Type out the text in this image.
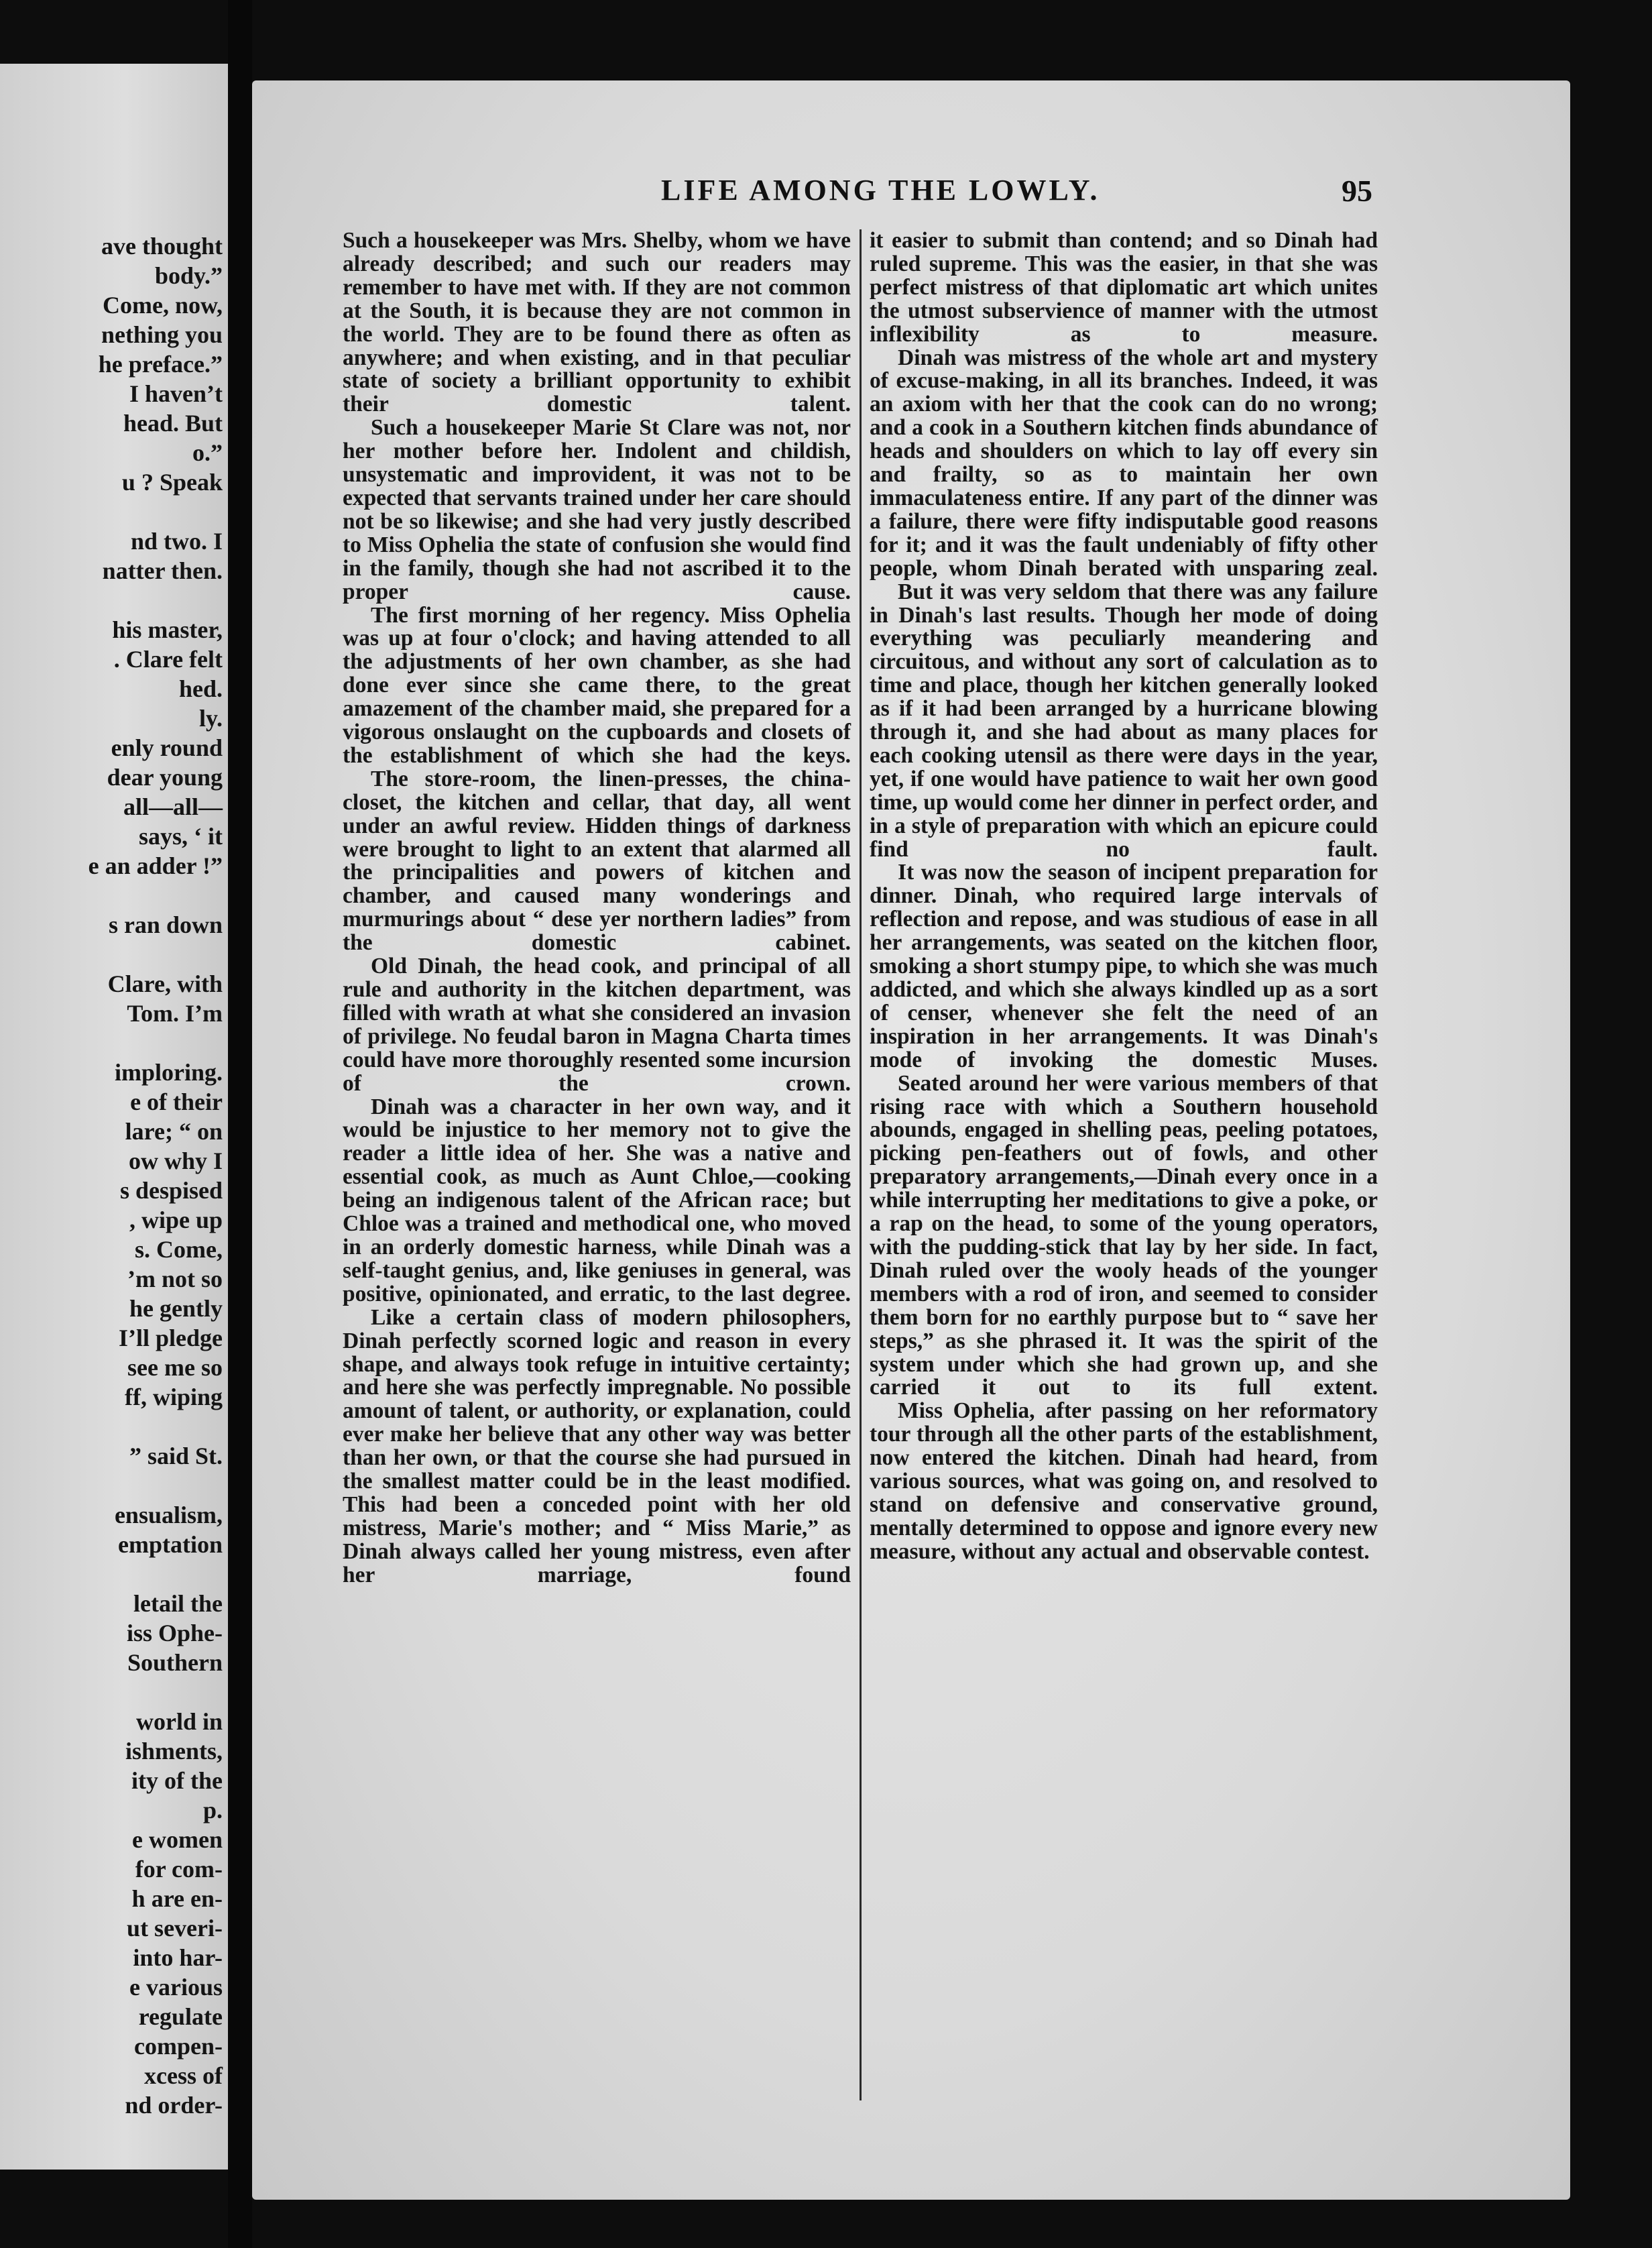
ave thought
body.”
Come, now,
nething you
he preface.”
I haven’t
head. But
o.”
u ? Speak
nd two. I
natter then.
his master,
. Clare felt
hed.
ly.
enly round
dear young
all—all—
says, ‘ it
e an adder !”
s ran down
Clare, with
Tom. I’m
imploring.
e of their
lare; “ on
ow why I
s despised
, wipe up
s. Come,
’m not so
he gently
I’ll pledge
see me so
ff, wiping
” said St.
ensualism,
emptation
letail the
iss Ophe-
Southern
world in
ishments,
ity of the
p.
e women
for com-
h are en-
ut severi-
into har-
e various
regulate
compen-
xcess of
nd order-
LIFE AMONG THE LOWLY.	95

Such a housekeeper was Mrs. Shelby, whom we have already described; and such our readers may remember to have met with. If they are not common at the South, it is because they are not common in the world. They are to be found there as often as anywhere; and when existing, and in that peculiar state of society a brilliant opportunity to exhibit their domestic talent.

Such a housekeeper Marie St Clare was not, nor her mother before her. Indolent and childish, unsystematic and improvident, it was not to be expected that servants trained under her care should not be so likewise; and she had very justly described to Miss Ophelia the state of confusion she would find in the family, though she had not ascribed it to the proper cause.

The first morning of her regency. Miss Ophelia was up at four o'clock; and having attended to all the adjustments of her own chamber, as she had done ever since she came there, to the great amazement of the chamber maid, she prepared for a vigorous onslaught on the cupboards and closets of the establishment of which she had the keys.

The store-room, the linen-presses, the china-closet, the kitchen and cellar, that day, all went under an awful review. Hidden things of darkness were brought to light to an extent that alarmed all the principalities and powers of kitchen and chamber, and caused many wonderings and murmurings about “ dese yer northern ladies” from the domestic cabinet.

Old Dinah, the head cook, and principal of all rule and authority in the kitchen department, was filled with wrath at what she considered an invasion of privilege. No feudal baron in Magna Charta times could have more thoroughly resented some incursion of the crown.

Dinah was a character in her own way, and it would be injustice to her memory not to give the reader a little idea of her. She was a native and essential cook, as much as Aunt Chloe,—cooking being an indigenous talent of the African race; but Chloe was a trained and methodical one, who moved in an orderly domestic harness, while Dinah was a self-taught genius, and, like geniuses in general, was positive, opinionated, and erratic, to the last degree.

Like a certain class of modern philosophers, Dinah perfectly scorned logic and reason in every shape, and always took refuge in intuitive certainty; and here she was perfectly impregnable. No possible amount of talent, or authority, or explanation, could ever make her believe that any other way was better than her own, or that the course she had pursued in the smallest matter could be in the least modified. This had been a conceded point with her old mistress, Marie's mother; and “ Miss Marie,” as Dinah always called her young mistress, even after her marriage, found

it easier to submit than contend; and so Dinah had ruled supreme. This was the easier, in that she was perfect mistress of that diplomatic art which unites the utmost subservience of manner with the utmost inflexibility as to measure.

Dinah was mistress of the whole art and mystery of excuse-making, in all its branches. Indeed, it was an axiom with her that the cook can do no wrong; and a cook in a Southern kitchen finds abundance of heads and shoulders on which to lay off every sin and frailty, so as to maintain her own immaculateness entire. If any part of the dinner was a failure, there were fifty indisputable good reasons for it; and it was the fault undeniably of fifty other people, whom Dinah berated with unsparing zeal.

But it was very seldom that there was any failure in Dinah's last results. Though her mode of doing everything was peculiarly meandering and circuitous, and without any sort of calculation as to time and place, though her kitchen generally looked as if it had been arranged by a hurricane blowing through it, and she had about as many places for each cooking utensil as there were days in the year, yet, if one would have patience to wait her own good time, up would come her dinner in perfect order, and in a style of preparation with which an epicure could find no fault.

It was now the season of incipent preparation for dinner. Dinah, who required large intervals of reflection and repose, and was studious of ease in all her arrangements, was seated on the kitchen floor, smoking a short stumpy pipe, to which she was much addicted, and which she always kindled up as a sort of censer, whenever she felt the need of an inspiration in her arrangements. It was Dinah's mode of invoking the domestic Muses.

Seated around her were various members of that rising race with which a Southern household abounds, engaged in shelling peas, peeling potatoes, picking pen-feathers out of fowls, and other preparatory arrangements,—Dinah every once in a while interrupting her meditations to give a poke, or a rap on the head, to some of the young operators, with the pudding-stick that lay by her side. In fact, Dinah ruled over the wooly heads of the younger members with a rod of iron, and seemed to consider them born for no earthly purpose but to “ save her steps,” as she phrased it. It was the spirit of the system under which she had grown up, and she carried it out to its full extent.

Miss Ophelia, after passing on her reformatory tour through all the other parts of the establishment, now entered the kitchen. Dinah had heard, from various sources, what was going on, and resolved to stand on defensive and conservative ground, mentally determined to oppose and ignore every new measure, without any actual and observable contest.
